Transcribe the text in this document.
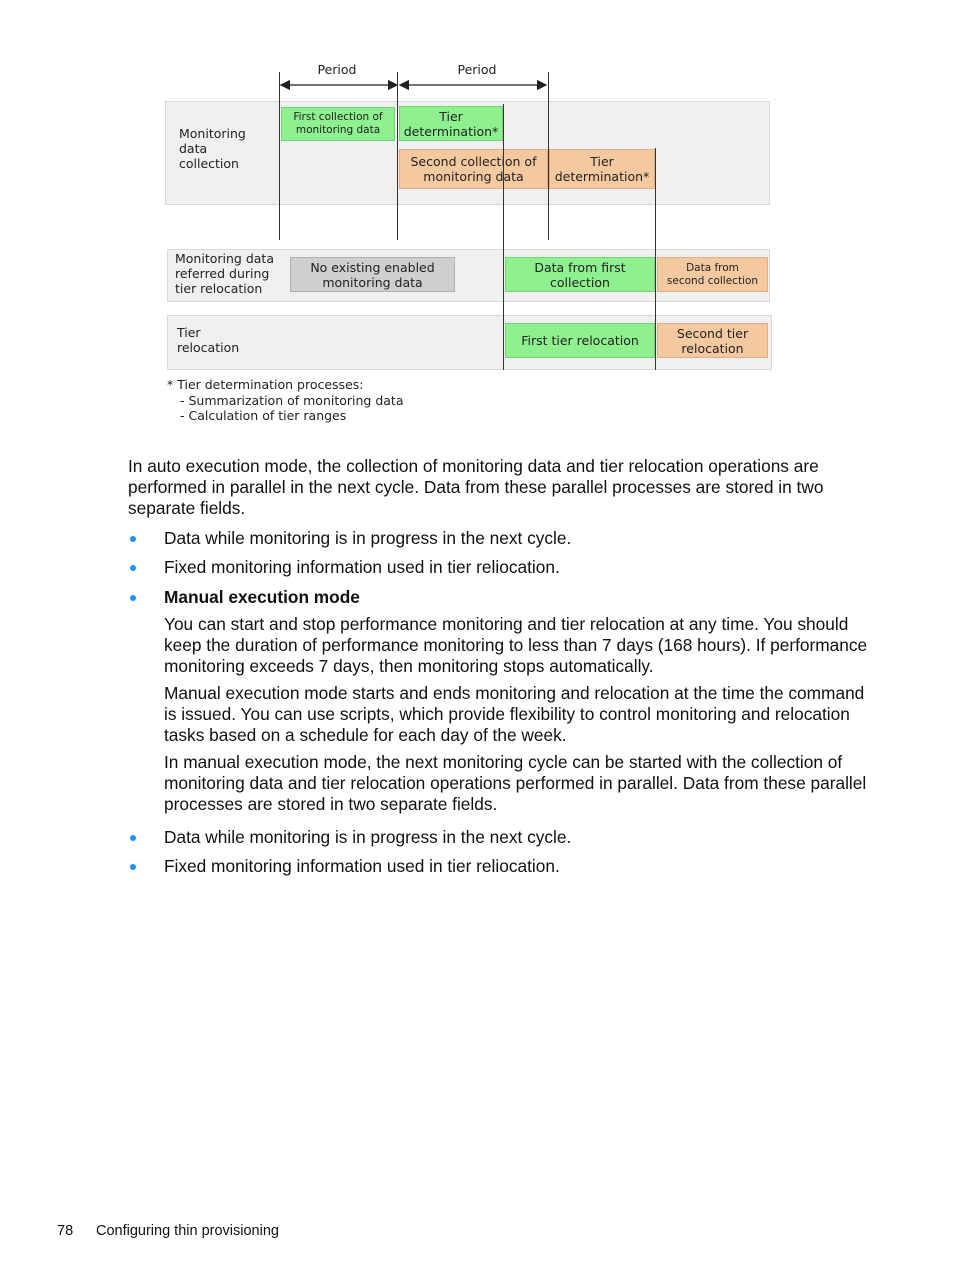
Period	Period
Monitoring
data
collection
Monitoring data
referred during
tier relocation
Tier
relocation
First collection of
monitoring data
Tier
determination*
Second collection of
monitoring data
Tier
determination*
No existing enabled
monitoring data
Data from first
collection
Data from
second collection
First tier relocation	Second tier
relocation
* Tier determination processes:
- Summarization of monitoring data
- Calculation of tier ranges
In auto execution mode, the collection of monitoring data and tier relocation operations are performed in parallel in the next cycle. Data from these parallel processes are stored in two separate fields.
Data while monitoring is in progress in the next cycle.
Fixed monitoring information used in tier reliocation.
Manual execution mode
You can start and stop performance monitoring and tier relocation at any time. You should keep the duration of performance monitoring to less than 7 days (168 hours). If performance monitoring exceeds 7 days, then monitoring stops automatically.
Manual execution mode starts and ends monitoring and relocation at the time the command is issued. You can use scripts, which provide flexibility to control monitoring and relocation tasks based on a schedule for each day of the week.
In manual execution mode, the next monitoring cycle can be started with the collection of monitoring data and tier relocation operations performed in parallel. Data from these parallel processes are stored in two separate fields.
Data while monitoring is in progress in the next cycle.
Fixed monitoring information used in tier reliocation.
78 Configuring thin provisioning
